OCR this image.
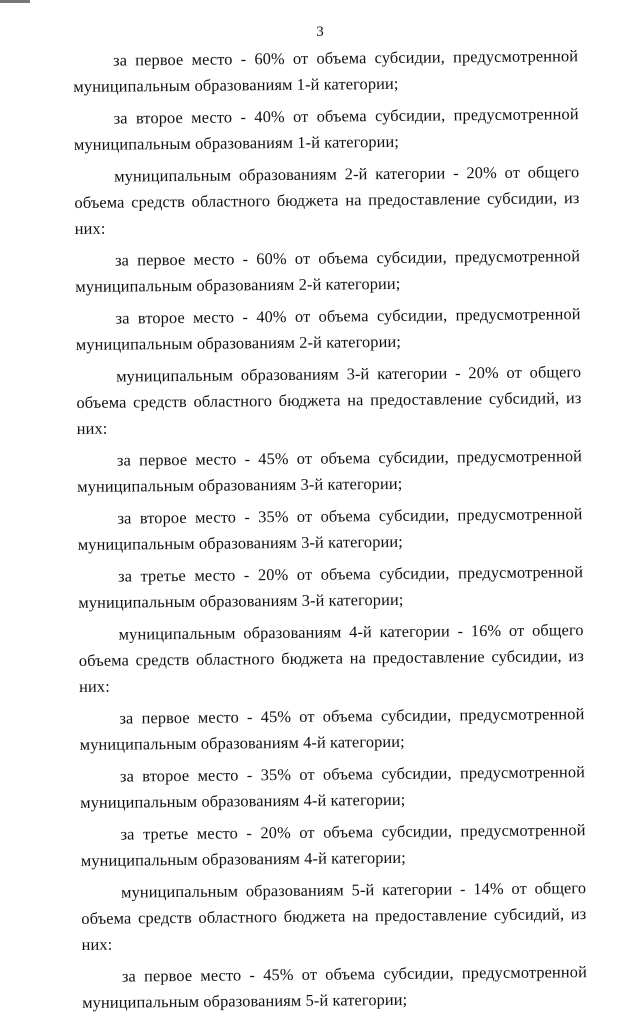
3

за первое место - 60% от объема субсидии, предусмотренной муниципальным образованиям 1-й категории;

за второе место - 40% от объема субсидии, предусмотренной муниципальным образованиям 1-й категории;

муниципальным образованиям 2-й категории - 20% от общего объема средств областного бюджета на предоставление субсидии, из них:

за первое место - 60% от объема субсидии, предусмотренной муниципальным образованиям 2-й категории;

за второе место - 40% от объема субсидии, предусмотренной муниципальным образованиям 2-й категории;

муниципальным образованиям 3-й категории - 20% от общего объема средств областного бюджета на предоставление субсидий, из них:

за первое место - 45% от объема субсидии, предусмотренной муниципальным образованиям 3-й категории;

за второе место - 35% от объема субсидии, предусмотренной муниципальным образованиям 3-й категории;

за третье место - 20% от объема субсидии, предусмотренной муниципальным образованиям 3-й категории;

муниципальным образованиям 4-й категории - 16% от общего объема средств областного бюджета на предоставление субсидии, из них:

за первое место - 45% от объема субсидии, предусмотренной муниципальным образованиям 4-й категории;

за второе место - 35% от объема субсидии, предусмотренной муниципальным образованиям 4-й категории;

за третье место - 20% от объема субсидии, предусмотренной муниципальным образованиям 4-й категории;

муниципальным образованиям 5-й категории - 14% от общего объема средств областного бюджета на предоставление субсидий, из них:

за первое место - 45% от объема субсидии, предусмотренной муниципальным образованиям 5-й категории;
